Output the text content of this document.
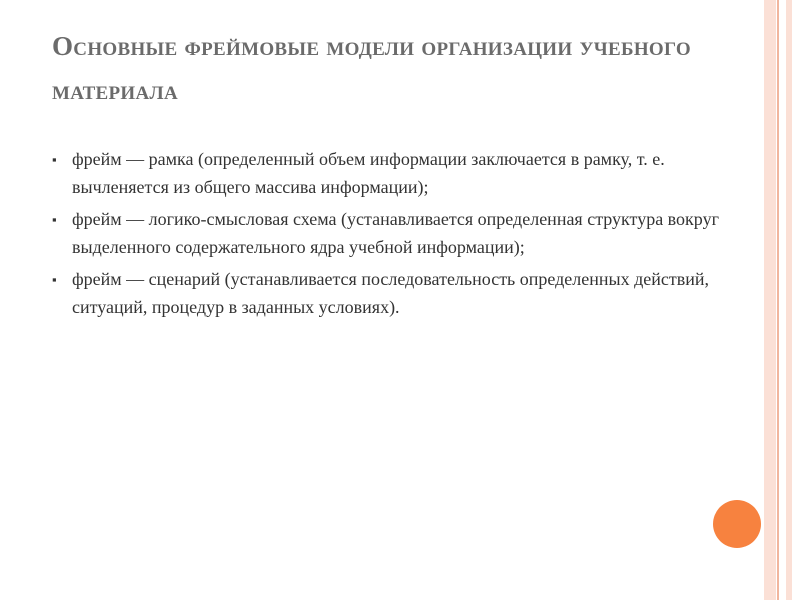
Основные фреймовые модели организации учебного материала
▪ фрейм — рамка (определенный объем информации заключается в рамку, т. е. вычленяется из общего массива информации);
▪ фрейм — логико-смысловая схема (устанавливается определенная структура вокруг выделенного содержательного ядра учебной информации);
▪ фрейм — сценарий (устанавливается последовательность определенных действий, ситуаций, процедур в заданных условиях).
